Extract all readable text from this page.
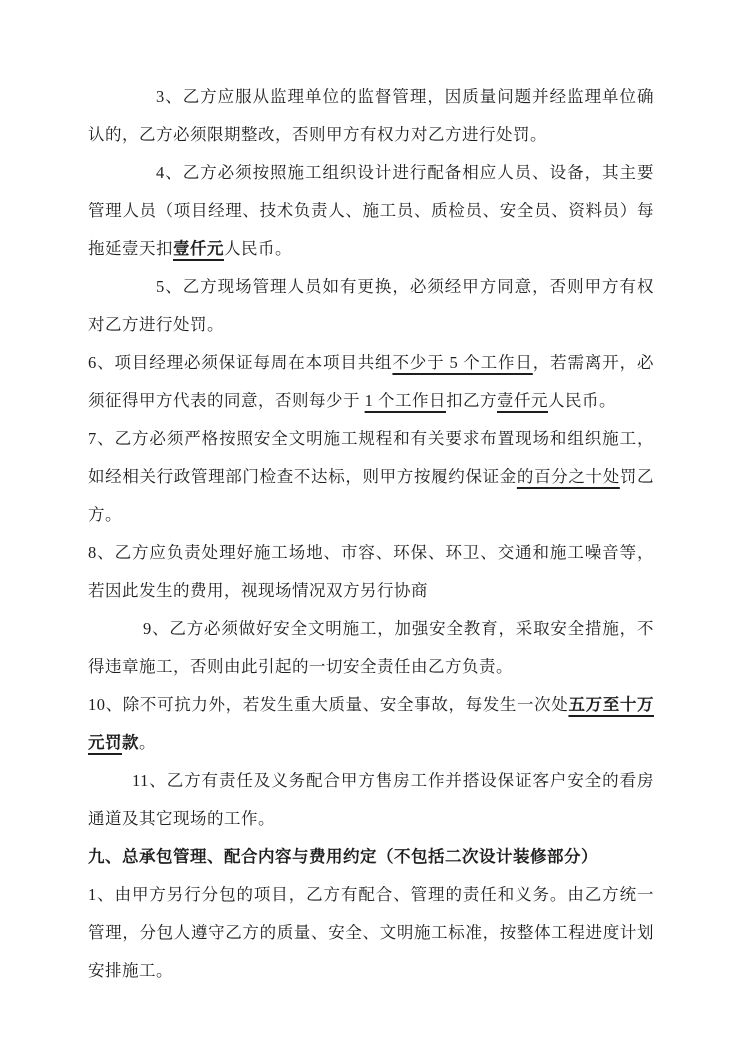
3、乙方应服从监理单位的监督管理，因质量问题并经监理单位确认的，乙方必须限期整改，否则甲方有权力对乙方进行处罚。

4、乙方必须按照施工组织设计进行配备相应人员、设备，其主要管理人员（项目经理、技术负责人、施工员、质检员、安全员、资料员）每拖延壹天扣壹仟元人民币。

5、乙方现场管理人员如有更换，必须经甲方同意，否则甲方有权对乙方进行处罚。

6、项目经理必须保证每周在本项目共组不少于 5 个工作日，若需离开，必须征得甲方代表的同意，否则每少于 1 个工作日扣乙方壹仟元人民币。

7、乙方必须严格按照安全文明施工规程和有关要求布置现场和组织施工，如经相关行政管理部门检查不达标，则甲方按履约保证金的百分之十处罚乙方。

8、乙方应负责处理好施工场地、市容、环保、环卫、交通和施工噪音等，若因此发生的费用，视现场情况双方另行协商

9、乙方必须做好安全文明施工，加强安全教育，采取安全措施，不得违章施工，否则由此引起的一切安全责任由乙方负责。

10、除不可抗力外，若发生重大质量、安全事故，每发生一次处五万至十万元罚款。

11、乙方有责任及义务配合甲方售房工作并搭设保证客户安全的看房通道及其它现场的工作。

九、总承包管理、配合内容与费用约定（不包括二次设计装修部分）

1、由甲方另行分包的项目，乙方有配合、管理的责任和义务。由乙方统一管理，分包人遵守乙方的质量、安全、文明施工标准，按整体工程进度计划安排施工。
